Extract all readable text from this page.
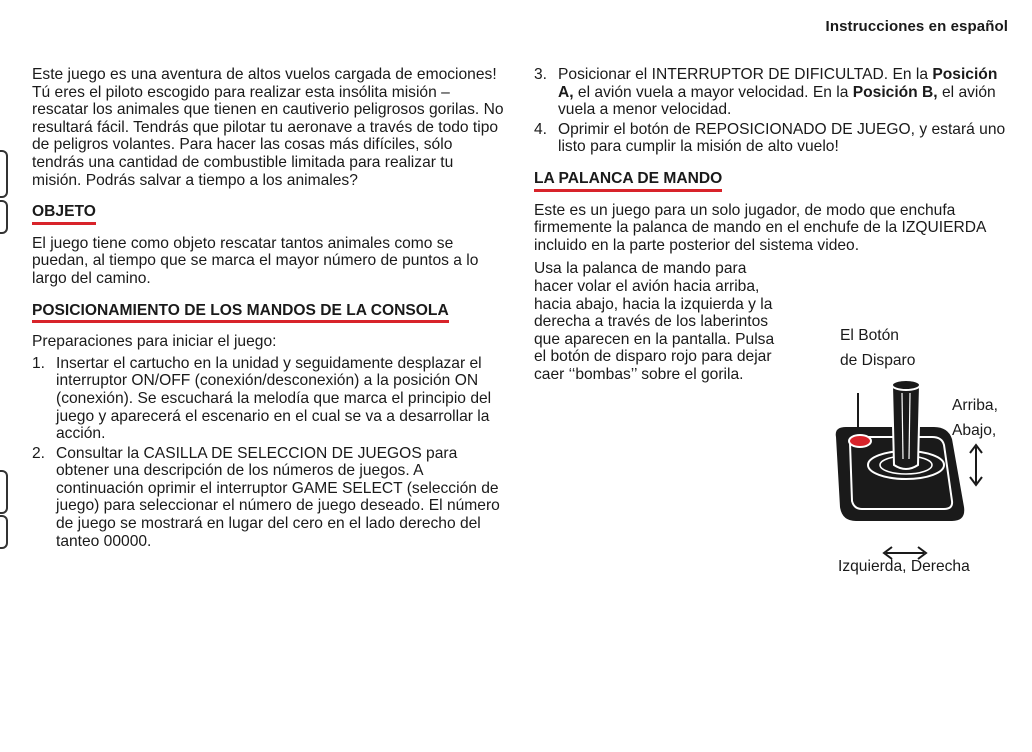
Instrucciones en español

Este juego es una aventura de altos vuelos cargada de emociones! Tú eres el piloto escogido para realizar esta insólita misión – rescatar los animales que tienen en cautiverio peligrosos gorilas. No resultará fácil. Tendrás que pilotar tu aeronave a través de todo tipo de peligros volantes. Para hacer las cosas más difíciles, sólo tendrás una cantidad de combustible limitada para realizar tu misión. Podrás salvar a tiempo a los animales?

OBJETO

El juego tiene como objeto rescatar tantos animales como se puedan, al tiempo que se marca el mayor número de puntos a lo largo del camino.

POSICIONAMIENTO DE LOS MANDOS DE LA CONSOLA

Preparaciones para iniciar el juego:

1. Insertar el cartucho en la unidad y seguidamente desplazar el interruptor ON/OFF (conexión/desconexión) a la posición ON (conexión). Se escuchará la melodía que marca el principio del juego y aparecerá el escenario en el cual se va a desarrollar la acción.
2. Consultar la CASILLA DE SELECCION DE JUEGOS para obtener una descripción de los números de juegos. A continuación oprimir el interruptor GAME SELECT (selección de juego) para seleccionar el número de juego deseado. El número de juego se mostrará en lugar del cero en el lado derecho del tanteo 00000.
3. Posicionar el INTERRUPTOR DE DIFICULTAD. En la Posición A, el avión vuela a mayor velocidad. En la Posición B, el avión vuela a menor velocidad.
4. Oprimir el botón de REPOSICIONADO DE JUEGO, y estará uno listo para cumplir la misión de alto vuelo!
LA PALANCA DE MANDO

Este es un juego para un solo jugador, de modo que enchufa firmemente la palanca de mando en el enchufe de la IZQUIERDA incluido en la parte posterior del sistema video.

Usa la palanca de mando para hacer volar el avión hacia arriba, hacia abajo, hacia la izquierda y la derecha a través de los laberintos que aparecen en la pantalla. Pulsa el botón de disparo rojo para dejar caer ‘‘bombas’’ sobre el gorila.

El Botón
de Disparo
Arriba,
Abajo,
Izquierda, Derecha
